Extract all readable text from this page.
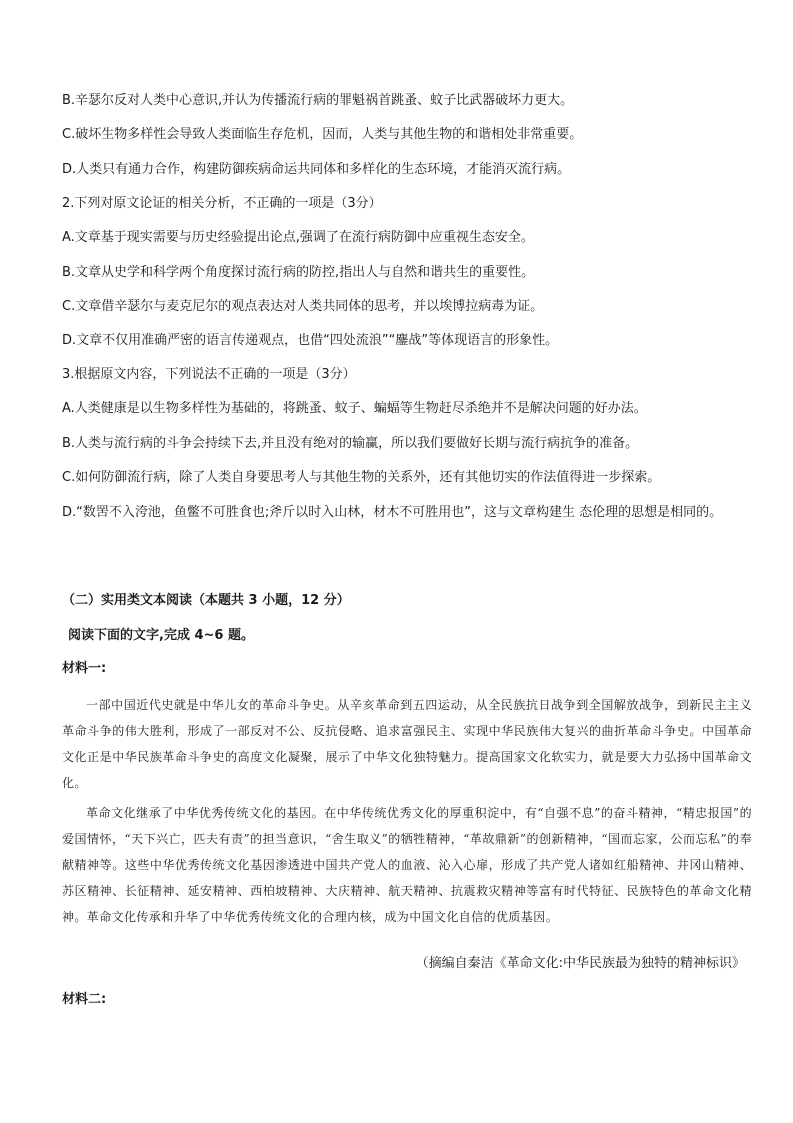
B.辛瑟尔反对人类中心意识,并认为传播流行病的罪魁祸首跳蚤、蚊子比武器破坏力更大。
C.破坏生物多样性会导致人类面临生存危机，因而，人类与其他生物的和谐相处非常重要。
D.人类只有通力合作，构建防御疾病命运共同体和多样化的生态环境，才能消灭流行病。
2.下列对原文论证的相关分析，不正确的一项是（3分）
A.文章基于现实需要与历史经验提出论点,强调了在流行病防御中应重视生态安全。
B.文章从史学和科学两个角度探讨流行病的防控,指出人与自然和谐共生的重要性。
C.文章借辛瑟尔与麦克尼尔的观点表达对人类共同体的思考，并以埃博拉病毒为证。
D.文章不仅用准确严密的语言传递观点，也借“四处流浪”“鏖战”等体现语言的形象性。
3.根据原文内容，下列说法不正确的一项是（3分）
A.人类健康是以生物多样性为基础的，将跳蚤、蚊子、蝙蝠等生物赶尽杀绝并不是解决问题的好办法。
B.人类与流行病的斗争会持续下去,并且没有绝对的输赢，所以我们要做好长期与流行病抗争的准备。
C.如何防御流行病，除了人类自身要思考人与其他生物的关系外，还有其他切实的作法值得进一步探索。
D.“数罟不入洿池，鱼鳖不可胜食也;斧斤以时入山林，材木不可胜用也”，这与文章构建生 态伦理的思想是相同的。
（二）实用类文本阅读（本题共 3 小题，12 分）
阅读下面的文字,完成 4~6 题。
材料一:
一部中国近代史就是中华儿女的革命斗争史。从辛亥革命到五四运动，从全民族抗日战争到全国解放战争，到新民主主义革命斗争的伟大胜利，形成了一部反对不公、反抗侵略、追求富强民主、实现中华民族伟大复兴的曲折革命斗争史。中国革命文化正是中华民族革命斗争史的高度文化凝聚，展示了中华文化独特魅力。提高国家文化软实力，就是要大力弘扬中国革命文化。
革命文化继承了中华优秀传统文化的基因。在中华传统优秀文化的厚重积淀中，有“自强不息”的奋斗精神，“精忠报国”的爱国情怀，“天下兴亡，匹夫有责”的担当意识，“舍生取义”的牺牲精神，“革故鼎新”的创新精神，“国而忘家，公而忘私”的奉献精神等。这些中华优秀传统文化基因渗透进中国共产党人的血液、沁入心扉，形成了共产党人诸如红船精神、井冈山精神、苏区精神、长征精神、延安精神、西柏坡精神、大庆精神、航天精神、抗震救灾精神等富有时代特征、民族特色的革命文化精神。革命文化传承和升华了中华优秀传统文化的合理内核，成为中国文化自信的优质基因。
（摘编自秦洁《革命文化:中华民族最为独特的精神标识》
材料二:
